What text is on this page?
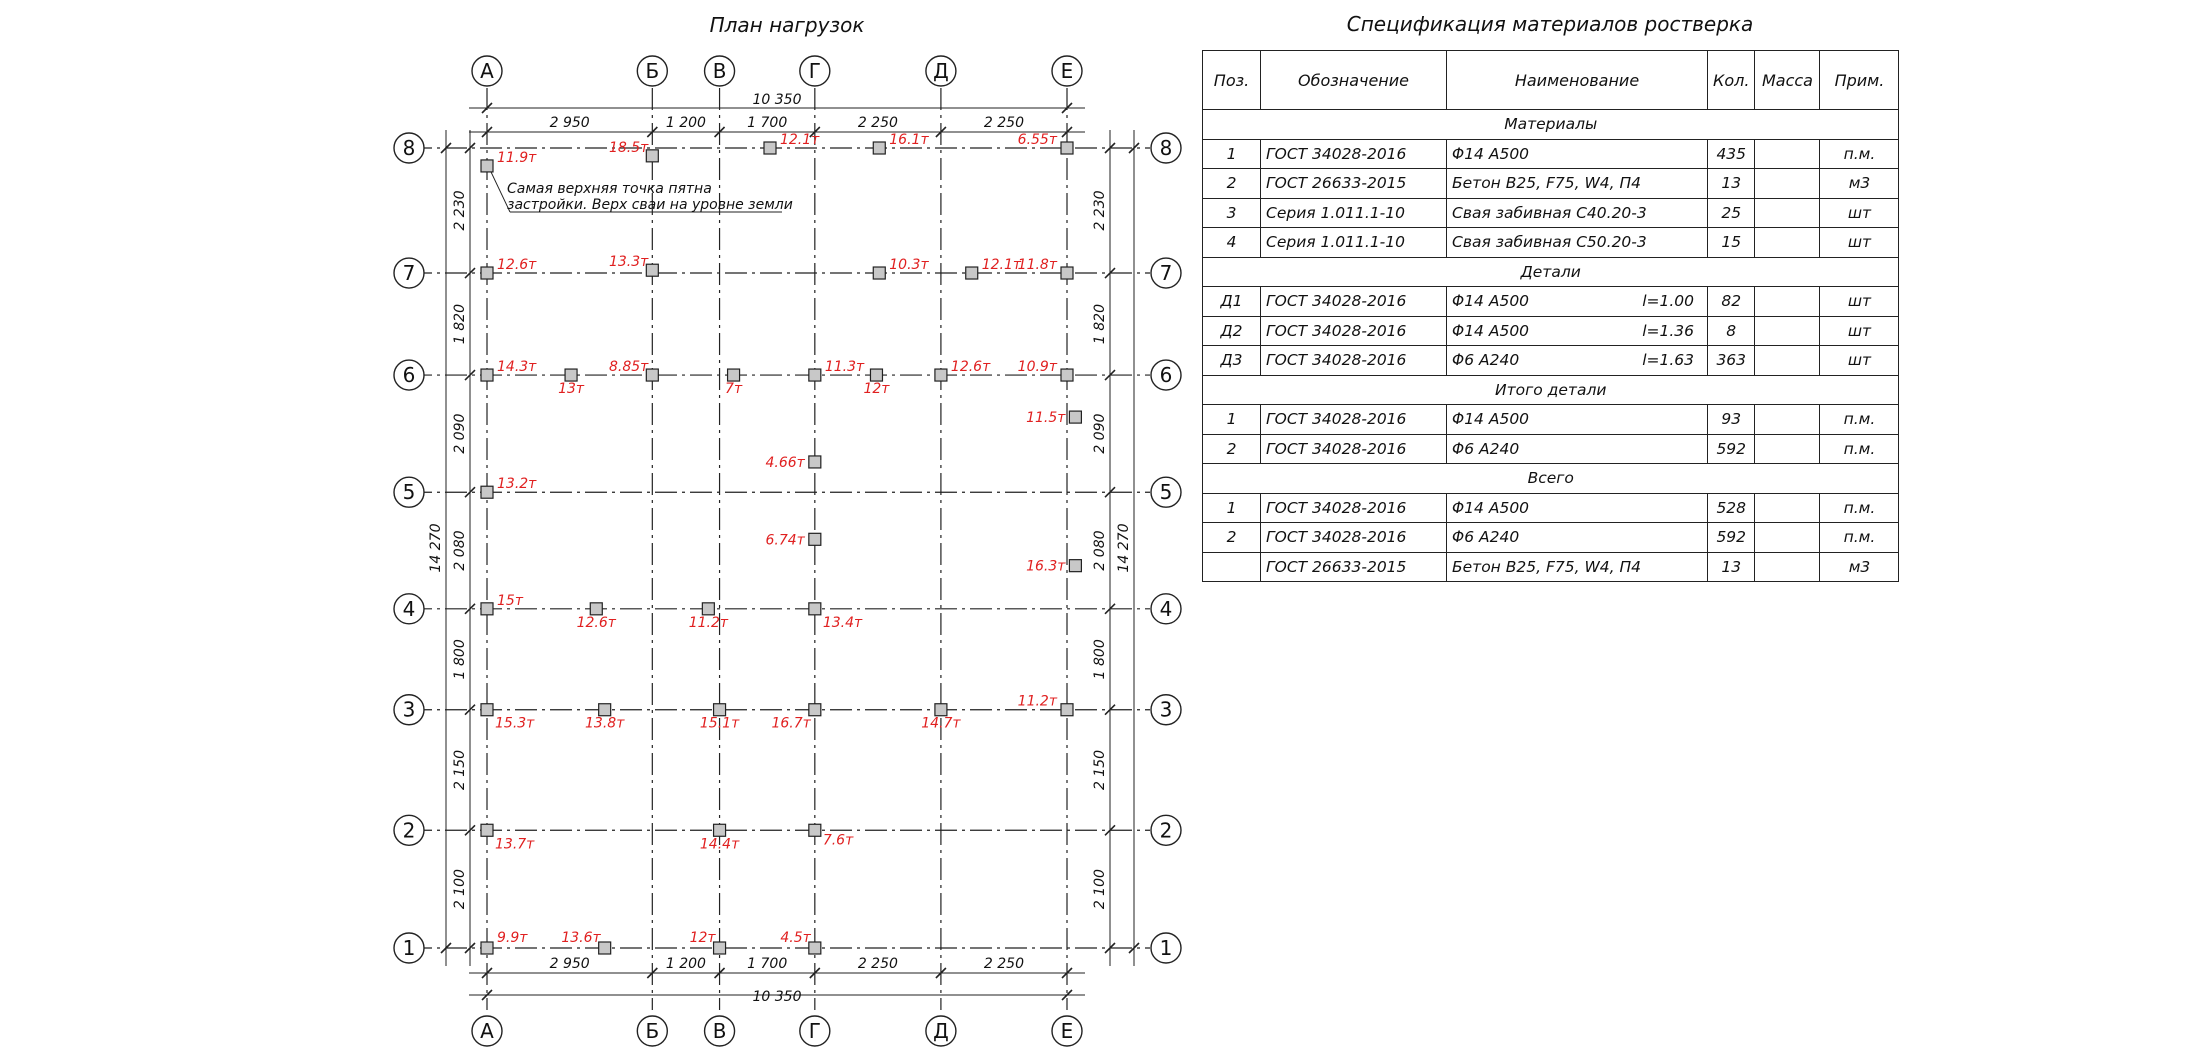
План нагрузок
А
А
Б
Б
В
В
Г
Г
Д
Д
Е
Е
8	8
7	7
6	6
5	5
4	4
3	3
2	2
1	1
2 950	1 200	1 700	2 250	2 250
10 350
2 950	1 200	1 700	2 250	2 250
10 350
2 230
1 820
2 090
2 080
1 800
2 150
2 100
14 270
2 230
1 820
2 090
2 080
1 800
2 150
2 100
14 270
11.9т
18.5т	12.1т	16.1т	6.55т
12.6т	13.3т	10.3т	12.1т
11.8т
14.3т
13т
8.85т
7т
11.3т
12т
12.6т 10.9т
11.5т
13.2т
4.66т
6.74т
16.3т
15т
12.6т	11.2т	13.4т
15.3т	13.8т	15.1т 16.7т	14.7т
11.2т
13.7т	14.4т	7.6т
9.9т 13.6т	12т	4.5т
Самая верхняя точка пятна
застройки. Верх сваи на уровне земли
Спецификация материалов ростверка
Поз.	Обозначение	Наименование	Кол.	Масса	Прим.
Материалы					
1	ГОСТ 34028-2016	Φ14 А500	435		п.м.
2	ГОСТ 26633-2015	Бетон В25, F75, W4, П4	13		м3
3	Серия 1.011.1-10	Свая забивная С40.20-3	25		шт
4	Серия 1.011.1-10	Свая забивная С50.20-3	15		шт
Детали					
Д1	ГОСТ 34028-2016	Φ14 А500 l=1.00	82		шт
Д2	ГОСТ 34028-2016	Φ14 А500 l=1.36	8		шт
Д3	ГОСТ 34028-2016	Φ6 А240 l=1.63	363		шт
Итого детали					
1	ГОСТ 34028-2016	Φ14 А500	93		п.м.
2	ГОСТ 34028-2016	Φ6 А240	592		п.м.
Всего					
1	ГОСТ 34028-2016	Φ14 А500	528		п.м.
2	ГОСТ 34028-2016	Φ6 А240	592		п.м.
	ГОСТ 26633-2015	Бетон В25, F75, W4, П4	13		м3
